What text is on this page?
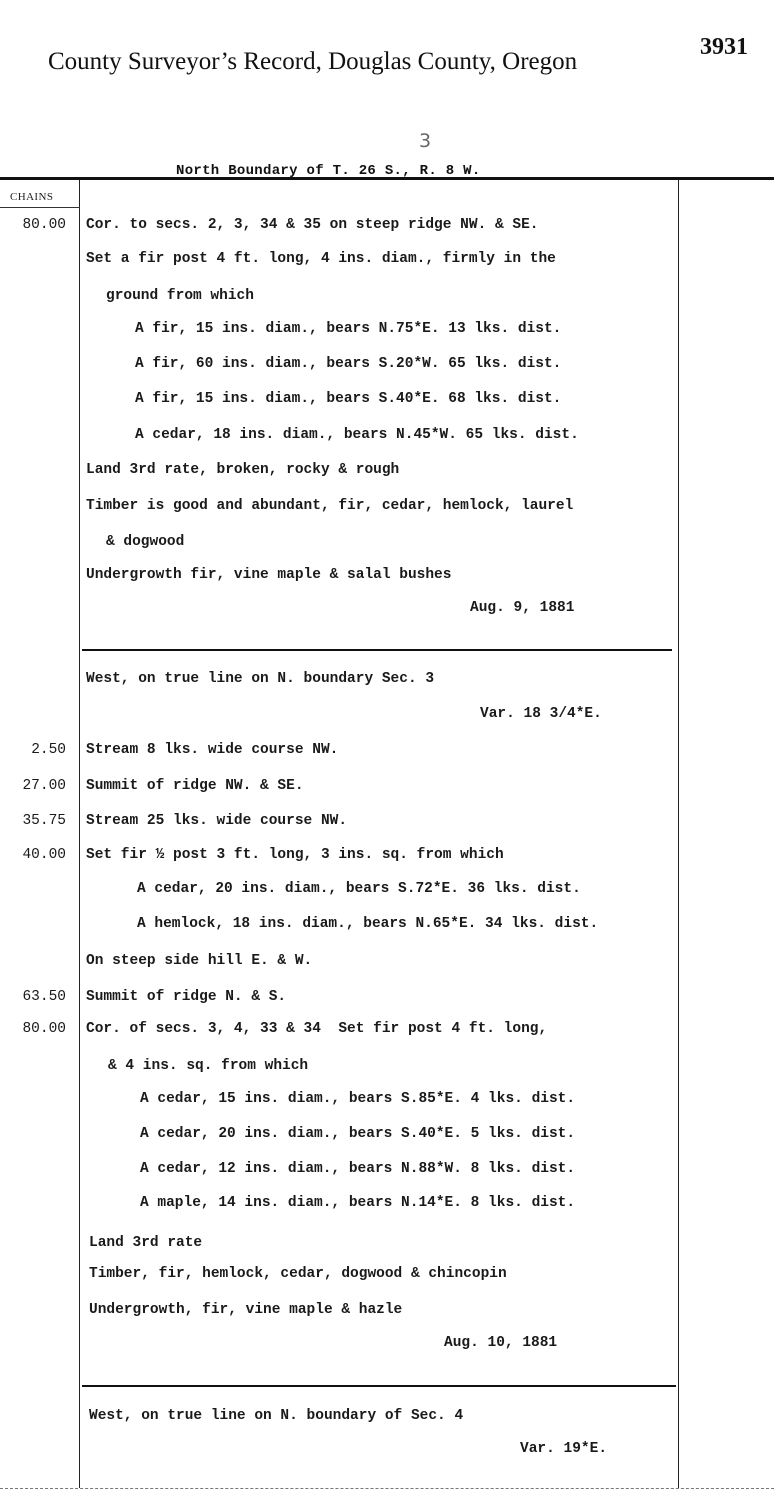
County Surveyor’s Record, Douglas County, Oregon
3931
3
North Boundary of T. 26 S., R. 8 W.
CHAINS
80.00 Cor. to secs. 2, 3, 34 & 35 on steep ridge NW. & SE.
Set a fir post 4 ft. long, 4 ins. diam., firmly in the
ground from which
A fir, 15 ins. diam., bears N.75*E. 13 lks. dist.
A fir, 60 ins. diam., bears S.20*W. 65 lks. dist.
A fir, 15 ins. diam., bears S.40*E. 68 lks. dist.
A cedar, 18 ins. diam., bears N.45*W. 65 lks. dist.
Land 3rd rate, broken, rocky & rough
Timber is good and abundant, fir, cedar, hemlock, laurel
& dogwood
Undergrowth fir, vine maple & salal bushes
Aug. 9, 1881
West, on true line on N. boundary Sec. 3
Var. 18 3/4*E.
2.50 Stream 8 lks. wide course NW.
27.00 Summit of ridge NW. & SE.
35.75 Stream 25 lks. wide course NW.
40.00 Set fir ½ post 3 ft. long, 3 ins. sq. from which
A cedar, 20 ins. diam., bears S.72*E. 36 lks. dist.
A hemlock, 18 ins. diam., bears N.65*E. 34 lks. dist.
On steep side hill E. & W.
63.50 Summit of ridge N. & S.
80.00 Cor. of secs. 3, 4, 33 & 34  Set fir post 4 ft. long,
& 4 ins. sq. from which
A cedar, 15 ins. diam., bears S.85*E. 4 lks. dist.
A cedar, 20 ins. diam., bears S.40*E. 5 lks. dist.
A cedar, 12 ins. diam., bears N.88*W. 8 lks. dist.
A maple, 14 ins. diam., bears N.14*E. 8 lks. dist.
Land 3rd rate
Timber, fir, hemlock, cedar, dogwood & chincopin
Undergrowth, fir, vine maple & hazle
Aug. 10, 1881
West, on true line on N. boundary of Sec. 4
Var. 19*E.
